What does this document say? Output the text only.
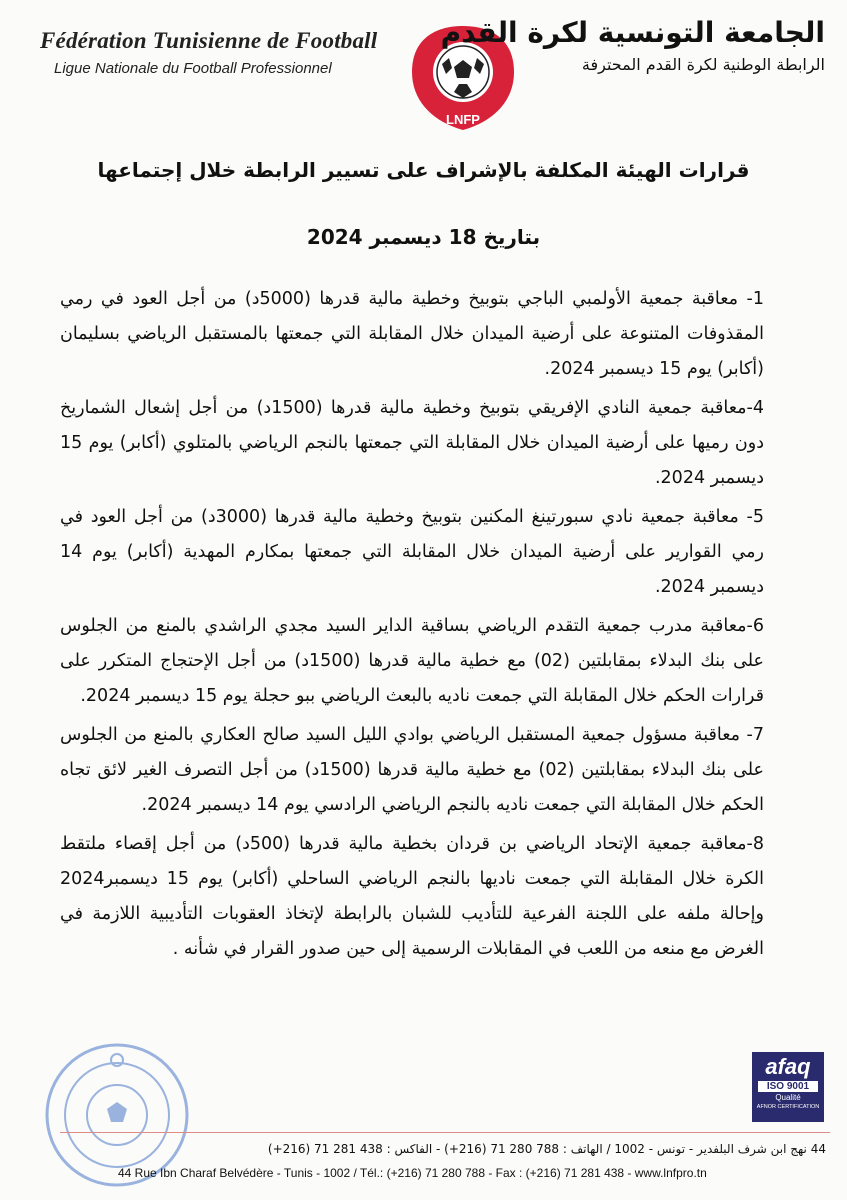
Fédération Tunisienne de Football
Ligue Nationale du Football Professionnel
LNFP
الجامعة التونسية لكرة القدم
الرابطة الوطنية لكرة القدم المحترفة
قرارات الهيئة المكلفة بالإشراف على تسيير الرابطة خلال إجتماعها
بتاريخ 18 ديسمبر 2024

1- معاقبة جمعية الأولمبي الباجي بتوبيخ وخطية مالية قدرها (5000د) من أجل العود في رمي المقذوفات المتنوعة على أرضية الميدان خلال المقابلة التي جمعتها بالمستقبل الرياضي بسليمان (أكابر) يوم 15 ديسمبر 2024.

4-معاقبة جمعية النادي الإفريقي بتوبيخ وخطية مالية قدرها (1500د) من أجل إشعال الشماريخ دون رميها على أرضية الميدان خلال المقابلة التي جمعتها بالنجم الرياضي بالمتلوي (أكابر) يوم 15 ديسمبر 2024.

5- معاقبة جمعية نادي سبورتينغ المكنين بتوبيخ وخطية مالية قدرها (3000د) من أجل العود في رمي القوارير على أرضية الميدان خلال المقابلة التي جمعتها بمكارم المهدية (أكابر) يوم 14 ديسمبر 2024.

6-معاقبة مدرب جمعية التقدم الرياضي بساقية الداير السيد مجدي الراشدي بالمنع من الجلوس على بنك البدلاء بمقابلتين (02) مع خطية مالية قدرها (1500د) من أجل الإحتجاج المتكرر على قرارات الحكم خلال المقابلة التي جمعت ناديه بالبعث الرياضي ببو حجلة يوم 15 ديسمبر 2024.

7- معاقبة مسؤول جمعية المستقبل الرياضي بوادي الليل السيد صالح العكاري بالمنع من الجلوس على بنك البدلاء بمقابلتين (02) مع خطية مالية قدرها (1500د) من أجل التصرف الغير لائق تجاه الحكم خلال المقابلة التي جمعت ناديه بالنجم الرياضي الرادسي يوم 14 ديسمبر 2024.

8-معاقبة جمعية الإتحاد الرياضي بن قردان بخطية مالية قدرها (500د) من أجل إقصاء ملتقط الكرة خلال المقابلة التي جمعت ناديها بالنجم الرياضي الساحلي (أكابر) يوم 15 ديسمبر2024 وإحالة ملفه على اللجنة الفرعية للتأديب للشبان بالرابطة لإتخاذ العقوبات التأديبية اللازمة في الغرض مع منعه من اللعب في المقابلات الرسمية إلى حين صدور القرار في شأنه .

afaq
ISO 9001
Qualité
AFNOR CERTIFICATION
44 نهج ابن شرف البلفدير - تونس - 1002 / الهاتف : 788 280 71 (216+) - الفاكس : 438 281 71 (216+)
44 Rue Ibn Charaf Belvédère - Tunis - 1002 / Tél.: (+216) 71 280 788 - Fax : (+216) 71 281 438 - www.lnfpro.tn
